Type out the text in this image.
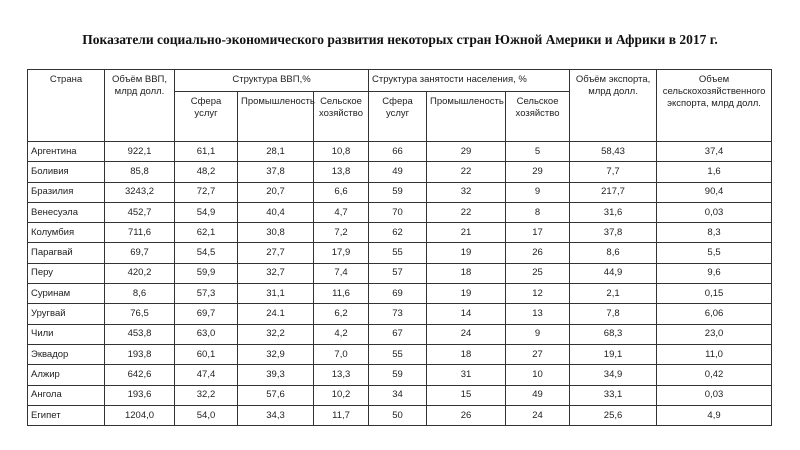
Показатели социально-экономического развития некоторых стран Южной Америки и Африки в 2017 г.
Страна	Объём ВВП, млрд долл.	Структура ВВП,%			Структура занятости населения, %			Объём экспорта, млрд долл.	Объем сельскохозяйственного экспорта, млрд долл.
		Сфера услуг	Промышленость	Сельское хозяйство	Сфера услуг	Промышленость	Сельское хозяйство		
Аргентина	922,1	61,1	28,1	10,8	66	29	5	58,43	37,4
Боливия	85,8	48,2	37,8	13,8	49	22	29	7,7	1,6
Бразилия	3243,2	72,7	20,7	6,6	59	32	9	217,7	90,4
Венесуэла	452,7	54,9	40,4	4,7	70	22	8	31,6	0,03
Колумбия	711,6	62,1	30,8	7,2	62	21	17	37,8	8,3
Парагвай	69,7	54,5	27,7	17,9	55	19	26	8,6	5,5
Перу	420,2	59,9	32,7	7,4	57	18	25	44,9	9,6
Суринам	8,6	57,3	31,1	11,6	69	19	12	2,1	0,15
Уругвай	76,5	69,7	24.1	6,2	73	14	13	7,8	6,06
Чили	453,8	63,0	32,2	4,2	67	24	9	68,3	23,0
Эквадор	193,8	60,1	32,9	7,0	55	18	27	19,1	11,0
Алжир	642,6	47,4	39,3	13,3	59	31	10	34,9	0,42
Ангола	193,6	32,2	57,6	10,2	34	15	49	33,1	0,03
Египет	1204,0	54,0	34,3	11,7	50	26	24	25,6	4,9
